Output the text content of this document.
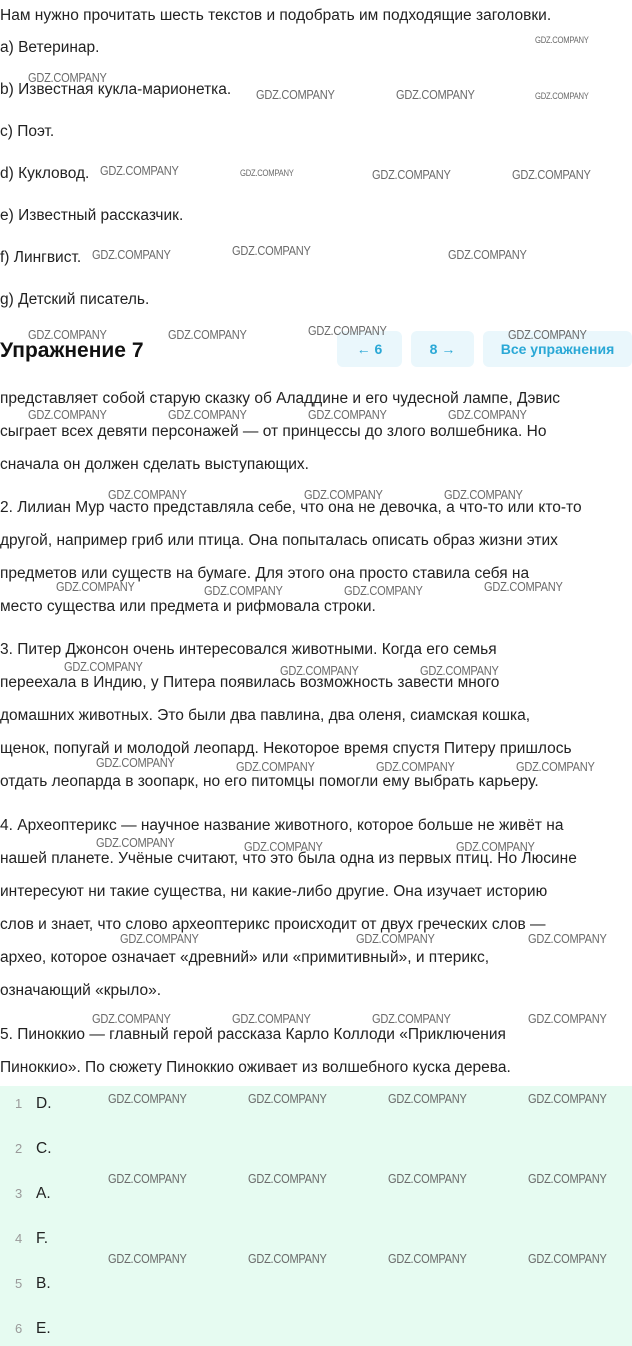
Нам нужно прочитать шесть текстов и подобрать им подходящие заголовки.
a) Ветеринар.
b) Известная кукла-марионетка.
c) Поэт.
d) Кукловод.
e) Известный рассказчик.
f) Лингвист.
g) Детский писатель.
Упражнение 7	← 6	8 →	Все упражнения
представляет собой старую сказку об Аладдине и его чудесной лампе, Дэвис
сыграет всех девяти персонажей — от принцессы до злого волшебника. Но
сначала он должен сделать выступающих.
2. Лилиан Мур часто представляла себе, что она не девочка, а что-то или кто-то
другой, например гриб или птица. Она попыталась описать образ жизни этих
предметов или существ на бумаге. Для этого она просто ставила себя на
место существа или предмета и рифмовала строки.
3. Питер Джонсон очень интересовался животными. Когда его семья
переехала в Индию, у Питера появилась возможность завести много
домашних животных. Это были два павлина, два оленя, сиамская кошка,
щенок, попугай и молодой леопард. Некоторое время спустя Питеру пришлось
отдать леопарда в зоопарк, но его питомцы помогли ему выбрать карьеру.
4. Археоптерикс — научное название животного, которое больше не живёт на
нашей планете. Учёные считают, что это была одна из первых птиц. Но Люсине
интересуют ни такие существа, ни какие-либо другие. Она изучает историю
слов и знает, что слово археоптерикс происходит от двух греческих слов —
археo, которое означает «древний» или «примитивный», и птерикс,
означающий «крыло».
5. Пиноккио — главный герой рассказа Карло Коллоди «Приключения
Пиноккио». По сюжету Пиноккио оживает из волшебного куска дерева.
1 D.
2 C.
3 A.
4 F.
5 B.
6 E.
GDZ.COMPANY
GDZ.COMPANY
GDZ.COMPANY	GDZ.COMPANY	GDZ.COMPANY
GDZ.COMPANY	GDZ.COMPANY	GDZ.COMPANY	GDZ.COMPANY
GDZ.COMPANY	GDZ.COMPANY	GDZ.COMPANY
GDZ.COMPANY	GDZ.COMPANY	GDZ.COMPANY	GDZ.COMPANY
GDZ.COMPANY	GDZ.COMPANY	GDZ.COMPANY	GDZ.COMPANY
GDZ.COMPANY	GDZ.COMPANY	GDZ.COMPANY
GDZ.COMPANY	GDZ.COMPANY	GDZ.COMPANY	GDZ.COMPANY
GDZ.COMPANY	GDZ.COMPANY	GDZ.COMPANY
GDZ.COMPANY	GDZ.COMPANY	GDZ.COMPANY	GDZ.COMPANY
GDZ.COMPANY	GDZ.COMPANY	GDZ.COMPANY
GDZ.COMPANY	GDZ.COMPANY	GDZ.COMPANY
GDZ.COMPANY	GDZ.COMPANY	GDZ.COMPANY	GDZ.COMPANY
GDZ.COMPANY	GDZ.COMPANY	GDZ.COMPANY	GDZ.COMPANY
GDZ.COMPANY	GDZ.COMPANY	GDZ.COMPANY	GDZ.COMPANY
GDZ.COMPANY	GDZ.COMPANY	GDZ.COMPANY	GDZ.COMPANY
